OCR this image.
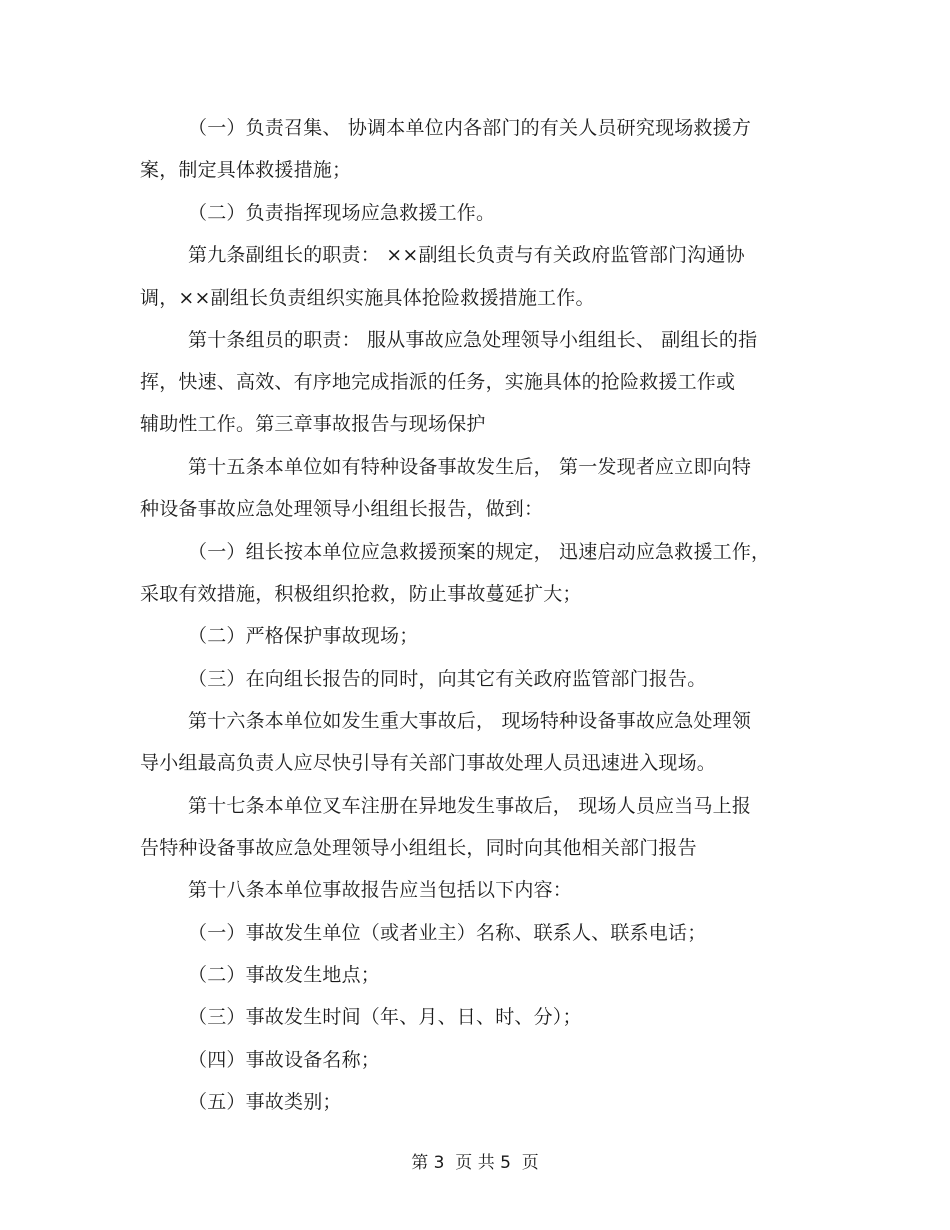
（一）负责召集、 协调本单位内各部门的有关人员研究现场救援方
案，制定具体救援措施；
（二）负责指挥现场应急救援工作。
第九条副组长的职责： ××副组长负责与有关政府监管部门沟通协
调，××副组长负责组织实施具体抢险救援措施工作。
第十条组员的职责： 服从事故应急处理领导小组组长、 副组长的指
挥，快速、高效、有序地完成指派的任务，实施具体的抢险救援工作或
辅助性工作。第三章事故报告与现场保护
第十五条本单位如有特种设备事故发生后， 第一发现者应立即向特
种设备事故应急处理领导小组组长报告，做到：
（一）组长按本单位应急救援预案的规定， 迅速启动应急救援工作，
采取有效措施，积极组织抢救，防止事故蔓延扩大；
（二）严格保护事故现场；
（三）在向组长报告的同时，向其它有关政府监管部门报告。
第十六条本单位如发生重大事故后， 现场特种设备事故应急处理领
导小组最高负责人应尽快引导有关部门事故处理人员迅速进入现场。
第十七条本单位叉车注册在异地发生事故后， 现场人员应当马上报
告特种设备事故应急处理领导小组组长，同时向其他相关部门报告
第十八条本单位事故报告应当包括以下内容：
（一）事故发生单位（或者业主）名称、联系人、联系电话；
（二）事故发生地点；
（三）事故发生时间（年、月、日、时、分）；
（四）事故设备名称；
（五）事故类别；
第 3  页 共 5  页
